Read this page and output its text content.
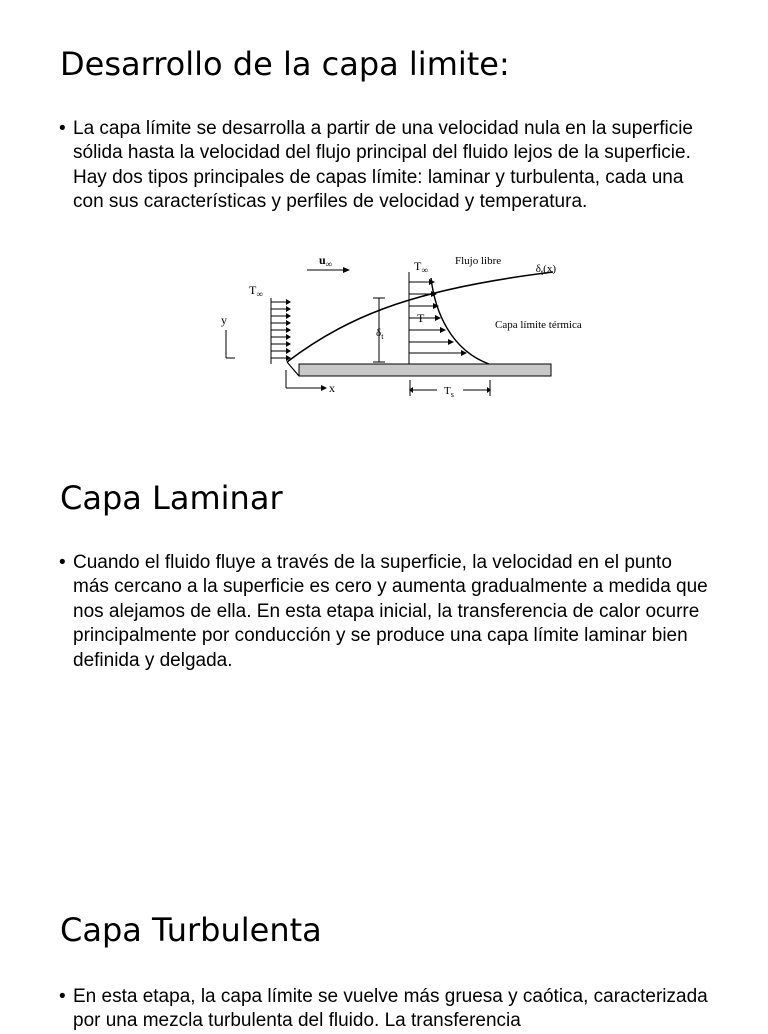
Desarrollo de la capa limite:
• La capa límite se desarrolla a partir de una velocidad nula en la superficie sólida hasta la velocidad del flujo principal del fluido lejos de la superficie. Hay dos tipos principales de capas límite: laminar y turbulenta, cada una con sus características y perfiles de velocidad y temperatura.
$T_\infty$
y
x
$u_\infty$
$\delta_t$
$T_\infty$
T
Flujo libre
$\delta_t(x)$
Capa límite térmica
$T_s$
Capa Laminar
• Cuando el fluido fluye a través de la superficie, la velocidad en el punto más cercano a la superficie es cero y aumenta gradualmente a medida que nos alejamos de ella. En esta etapa inicial, la transferencia de calor ocurre principalmente por conducción y se produce una capa límite laminar bien definida y delgada.
Capa Turbulenta
• En esta etapa, la capa límite se vuelve más gruesa y caótica, caracterizada por una mezcla turbulenta del fluido. La transferencia
